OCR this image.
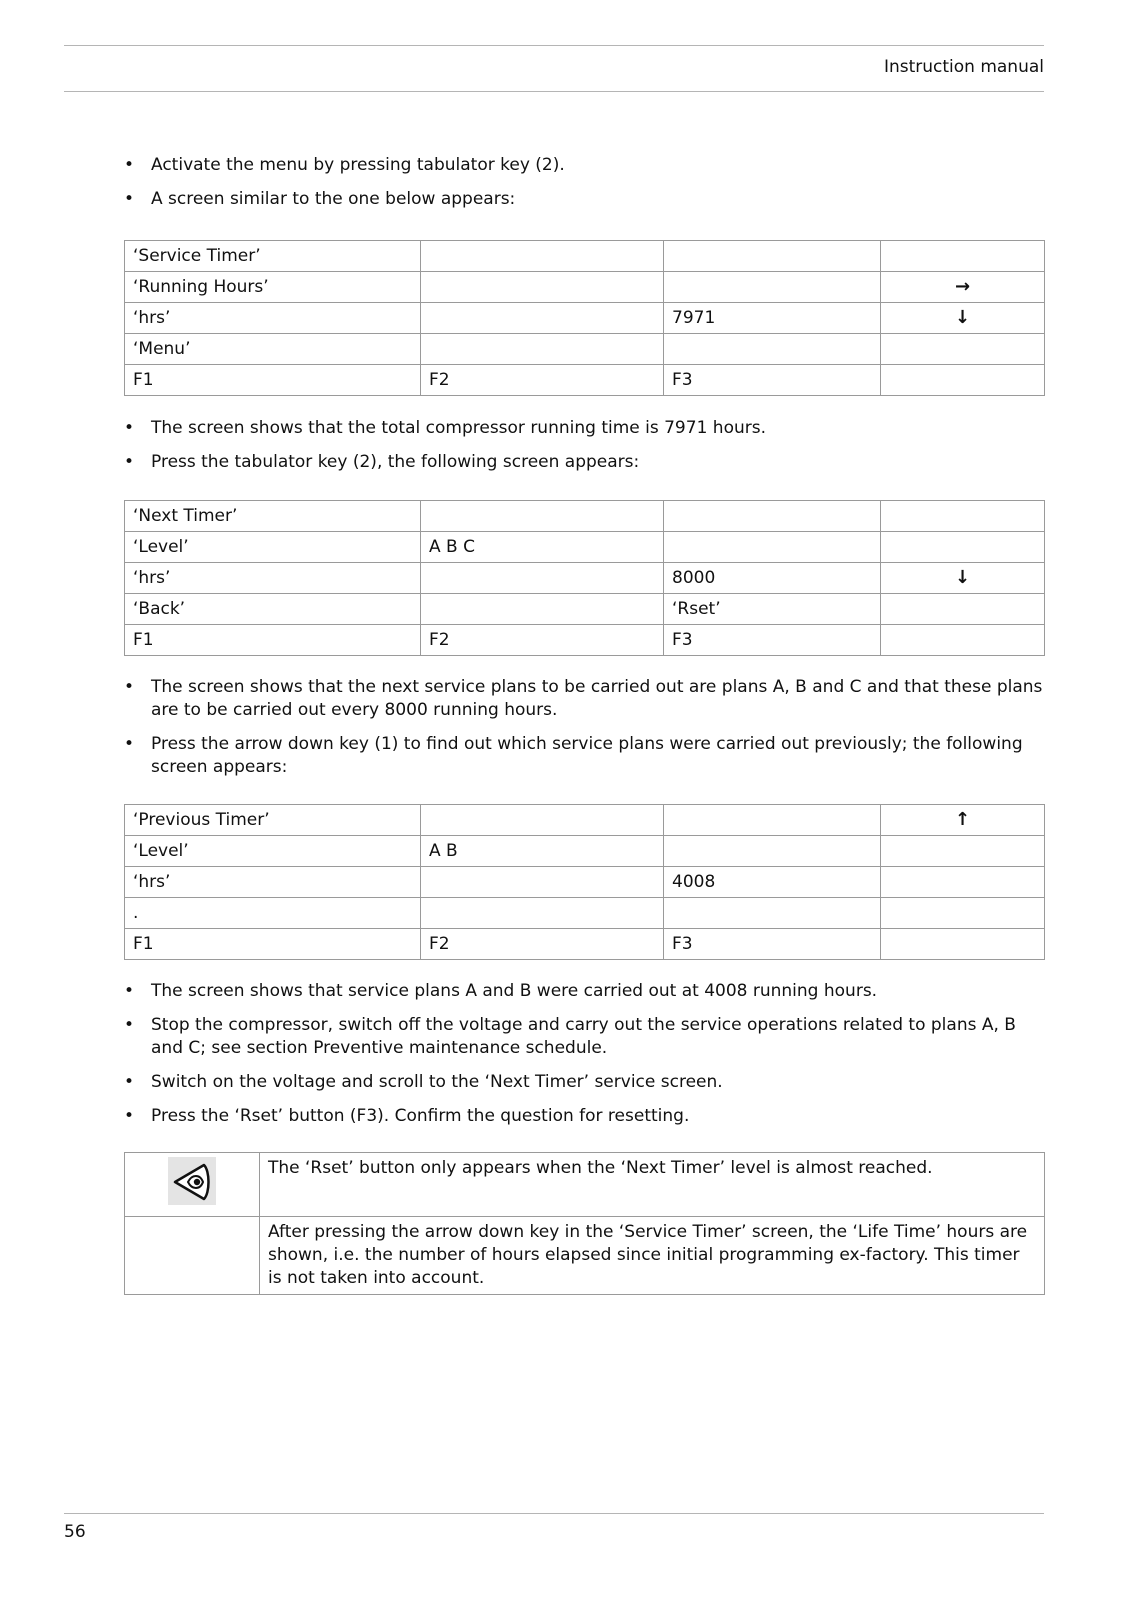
Instruction manual
• Activate the menu by pressing tabulator key (2).
• A screen similar to the one below appears:
‘Service Timer’			
‘Running Hours’			→
‘hrs’		7971	↓
‘Menu’			
F1	F2	F3	
• The screen shows that the total compressor running time is 7971 hours.
• Press the tabulator key (2), the following screen appears:
‘Next Timer’			
‘Level’	A B C		
‘hrs’		8000	↓
‘Back’		‘Rset’	
F1	F2	F3	
• The screen shows that the next service plans to be carried out are plans A, B and C and that these plans are to be carried out every 8000 running hours.
• Press the arrow down key (1) to find out which service plans were carried out previously; the following screen appears:
‘Previous Timer’			↑
‘Level’	A B		
‘hrs’		4008	
.			
F1	F2	F3	
• The screen shows that service plans A and B were carried out at 4008 running hours.
• Stop the compressor, switch off the voltage and carry out the service operations related to plans A, B and C; see section Preventive maintenance schedule.
• Switch on the voltage and scroll to the ‘Next Timer’ service screen.
• Press the ‘Rset’ button (F3). Confirm the question for resetting.
	The ‘Rset’ button only appears when the ‘Next Timer’ level is almost reached.
	After pressing the arrow down key in the ‘Service Timer’ screen, the ‘Life Time’ hours are shown, i.e. the number of hours elapsed since initial programming ex-factory. This timer is not taken into account.
56
